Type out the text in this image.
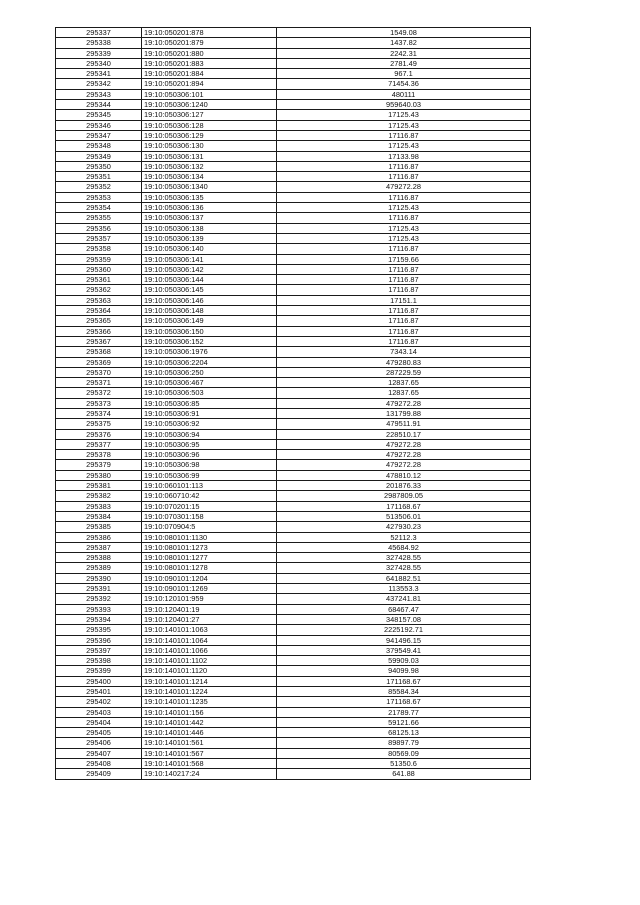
295337	19:10:050201:878	1549.08
295338	19:10:050201:879	1437.82
295339	19:10:050201:880	2242.31
295340	19:10:050201:883	2781.49
295341	19:10:050201:884	967.1
295342	19:10:050201:894	71454.36
295343	19:10:050306:101	480111
295344	19:10:050306:1240	959640.03
295345	19:10:050306:127	17125.43
295346	19:10:050306:128	17125.43
295347	19:10:050306:129	17116.87
295348	19:10:050306:130	17125.43
295349	19:10:050306:131	17133.98
295350	19:10:050306:132	17116.87
295351	19:10:050306:134	17116.87
295352	19:10:050306:1340	479272.28
295353	19:10:050306:135	17116.87
295354	19:10:050306:136	17125.43
295355	19:10:050306:137	17116.87
295356	19:10:050306:138	17125.43
295357	19:10:050306:139	17125.43
295358	19:10:050306:140	17116.87
295359	19:10:050306:141	17159.66
295360	19:10:050306:142	17116.87
295361	19:10:050306:144	17116.87
295362	19:10:050306:145	17116.87
295363	19:10:050306:146	17151.1
295364	19:10:050306:148	17116.87
295365	19:10:050306:149	17116.87
295366	19:10:050306:150	17116.87
295367	19:10:050306:152	17116.87
295368	19:10:050306:1976	7343.14
295369	19:10:050306:2204	479280.83
295370	19:10:050306:250	287229.59
295371	19:10:050306:467	12837.65
295372	19:10:050306:503	12837.65
295373	19:10:050306:85	479272.28
295374	19:10:050306:91	131799.88
295375	19:10:050306:92	479511.91
295376	19:10:050306:94	228510.17
295377	19:10:050306:95	479272.28
295378	19:10:050306:96	479272.28
295379	19:10:050306:98	479272.28
295380	19:10:050306:99	478810.12
295381	19:10:060101:113	201876.33
295382	19:10:060710:42	2987809.05
295383	19:10:070201:15	171168.67
295384	19:10:070301:158	513506.01
295385	19:10:070904:5	427930.23
295386	19:10:080101:1130	52112.3
295387	19:10:080101:1273	45684.92
295388	19:10:080101:1277	327428.55
295389	19:10:080101:1278	327428.55
295390	19:10:090101:1204	641882.51
295391	19:10:090101:1269	113553.3
295392	19:10:120101:959	437241.81
295393	19:10:120401:19	68467.47
295394	19:10:120401:27	348157.08
295395	19:10:140101:1063	2225192.71
295396	19:10:140101:1064	941496.15
295397	19:10:140101:1066	379549.41
295398	19:10:140101:1102	59909.03
295399	19:10:140101:1120	94099.98
295400	19:10:140101:1214	171168.67
295401	19:10:140101:1224	85584.34
295402	19:10:140101:1235	171168.67
295403	19:10:140101:156	21789.77
295404	19:10:140101:442	59121.66
295405	19:10:140101:446	68125.13
295406	19:10:140101:561	89897.79
295407	19:10:140101:567	80569.09
295408	19:10:140101:568	51350.6
295409	19:10:140217:24	641.88
